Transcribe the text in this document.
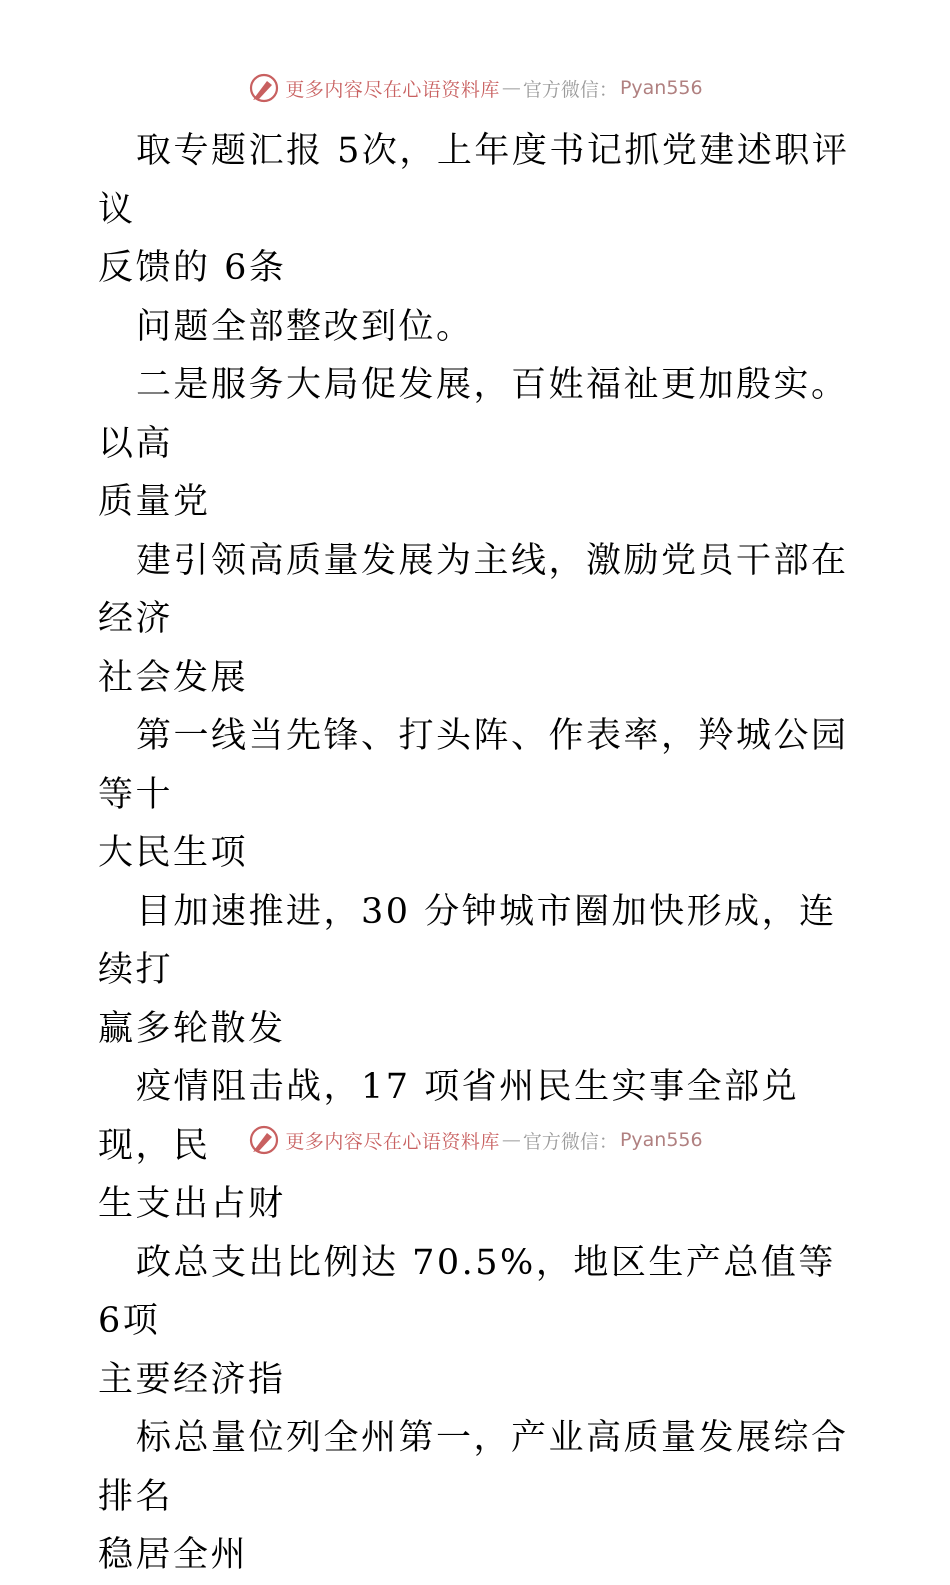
更多内容尽在心语资料库 — 官方微信： Pyan556

取专题汇报 5次，上年度书记抓党建述职评议

反馈的 6条

问题全部整改到位。

二是服务大局促发展，百姓福祉更加殷实。以高

质量党

建引领高质量发展为主线，激励党员干部在经济

社会发展

第一线当先锋、打头阵、作表率，羚城公园等十

大民生项

目加速推进，30 分钟城市圈加快形成，连续打

赢多轮散发

疫情阻击战，17 项省州民生实事全部兑现，民

生支出占财

政总支出比例达 70.5%，地区生产总值等 6项

主要经济指

标总量位列全州第一，产业高质量发展综合排名

稳居全州

更多内容尽在心语资料库 — 官方微信： Pyan556
